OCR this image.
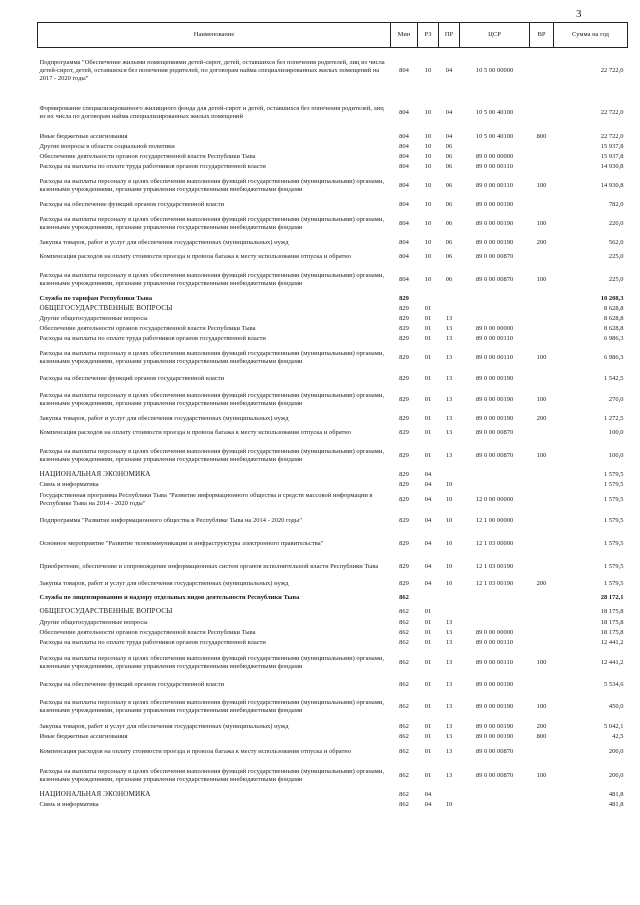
3
Наименование	Мин	РЗ	ПР	ЦСР	ВР	Сумма на год
Подпрограмма "Обеспечение жилыми помещениями детей-сирот, детей, оставшихся без попечения родителей, лиц из числа детей-сирот, детей, оставшихся без попечения родителей, по договорам найма специализированных жилых помещений на 2017 - 2020 годы"	804	10	04	10 5 00 00000		22 722,0
Формирование специализированного жилищного фонда для детей-сирот и детей, оставшихся без попечения родителей, лиц из их числа по договорам найма специализированных жилых помещений	804	10	04	10 5 00 40100		22 722,0
Иные бюджетные ассигнования	804	10	04	10 5 00 40100	800	22 722,0
Другие вопросы в области социальной политики	804	10	06			15 937,8
Обеспечение деятельности органов государственной власти Республики Тыва	804	10	06	89 0 00 00000		15 937,8
Расходы на выплаты по оплате труда работников органов государственной власти	804	10	06	89 0 00 00110		14 930,8
Расходы на выплаты персоналу в целях обеспечения выполнения функций государственными (муниципальными) органами, казенными учреждениями, органами управления государственными внебюджетными фондами	804	10	06	89 0 00 00110	100	14 930,8
Расходы на обеспечение функций органов государственной власти	804	10	06	89 0 00 00190		782,0
Расходы на выплаты персоналу в целях обеспечения выполнения функций государственными (муниципальными) органами, казенными учреждениями, органами управления государственными внебюджетными фондами	804	10	06	89 0 00 00190	100	220,0
Закупка товаров, работ и услуг для обеспечения государственных (муниципальных) нужд	804	10	06	89 0 00 00190	200	562,0
Компенсация расходов на оплату стоимости проезда и провоза багажа к месту использования отпуска и обратно	804	10	06	89 0 00 00870		225,0
Расходы на выплаты персоналу в целях обеспечения выполнения функций государственными (муниципальными) органами, казенными учреждениями, органами управления государственными внебюджетными фондами	804	10	06	89 0 00 00870	100	225,0
Служба по тарифам Республики Тыва	829					10 208,3
ОБЩЕГОСУДАРСТВЕННЫЕ ВОПРОСЫ	829	01				8 628,8
Другие общегосударственные вопросы	829	01	13			8 628,8
Обеспечение деятельности органов государственной власти Республики Тыва	829	01	13	89 0 00 00000		8 628,8
Расходы на выплаты по оплате труда работников органов государственной власти	829	01	13	89 0 00 00110		6 986,3
Расходы на выплаты персоналу в целях обеспечения выполнения функций государственными (муниципальными) органами, казенными учреждениями, органами управления государственными внебюджетными фондами	829	01	13	89 0 00 00110	100	6 986,3
Расходы на обеспечение функций органов государственной власти	829	01	13	89 0 00 00190		1 542,5
Расходы на выплаты персоналу в целях обеспечения выполнения функций государственными (муниципальными) органами, казенными учреждениями, органами управления государственными внебюджетными фондами	829	01	13	89 0 00 00190	100	270,0
Закупка товаров, работ и услуг для обеспечения государственных (муниципальных) нужд	829	01	13	89 0 00 00190	200	1 272,5
Компенсация расходов на оплату стоимости проезда и провоза багажа к месту использования отпуска и обратно	829	01	13	89 0 00 00870		100,0
Расходы на выплаты персоналу в целях обеспечения выполнения функций государственными (муниципальными) органами, казенными учреждениями, органами управления государственными внебюджетными фондами	829	01	13	89 0 00 00870	100	100,0
НАЦИОНАЛЬНАЯ ЭКОНОМИКА	829	04				1 579,5
Связь и информатика	829	04	10			1 579,5
Государственная программа Республики Тыва "Развитие информационного общества и средств массовой информации в Республике Тыва на 2014 - 2020 годы"	829	04	10	12 0 00 00000		1 579,5
Подпрограмма "Развитие информационного общества в Республике Тыва на 2014 - 2020 годы"	829	04	10	12 1 00 00000		1 579,5
Основное мероприятие "Развитие телекоммуникации и инфраструктуры электронного правительства"	829	04	10	12 1 03 00000		1 579,5
Приобретение, обеспечение и сопровождение информационных систем органов исполнительной власти Республики Тыва	829	04	10	12 1 03 00190		1 579,5
Закупка товаров, работ и услуг для обеспечения государственных (муниципальных) нужд	829	04	10	12 1 03 00190	200	1 579,5
Служба по лицензированию и надзору отдельных видов деятельности Республики Тыва	862					28 172,1
ОБЩЕГОСУДАРСТВЕННЫЕ ВОПРОСЫ	862	01				18 175,8
Другие общегосударственные вопросы	862	01	13			18 175,8
Обеспечение деятельности органов государственной власти Республики Тыва	862	01	13	89 0 00 00000		18 175,8
Расходы на выплаты по оплате труда работников органов государственной власти	862	01	13	89 0 00 00110		12 441,2
Расходы на выплаты персоналу в целях обеспечения выполнения функций государственными (муниципальными) органами, казенными учреждениями, органами управления государственными внебюджетными фондами	862	01	13	89 0 00 00110	100	12 441,2
Расходы на обеспечение функций органов государственной власти	862	01	13	89 0 00 00190		5 534,6
Расходы на выплаты персоналу в целях обеспечения выполнения функций государственными (муниципальными) органами, казенными учреждениями, органами управления государственными внебюджетными фондами	862	01	13	89 0 00 00190	100	450,0
Закупка товаров, работ и услуг для обеспечения государственных (муниципальных) нужд	862	01	13	89 0 00 00190	200	5 042,1
Иные бюджетные ассигнования	862	01	13	89 0 00 00190	800	42,5
Компенсация расходов на оплату стоимости проезда и провоза багажа к месту использования отпуска и обратно	862	01	13	89 0 00 00870		200,0
Расходы на выплаты персоналу в целях обеспечения выполнения функций государственными (муниципальными) органами, казенными учреждениями, органами управления государственными внебюджетными фондами	862	01	13	89 0 00 00870	100	200,0
НАЦИОНАЛЬНАЯ ЭКОНОМИКА	862	04				481,8
Связь и информатика	862	04	10			481,8
